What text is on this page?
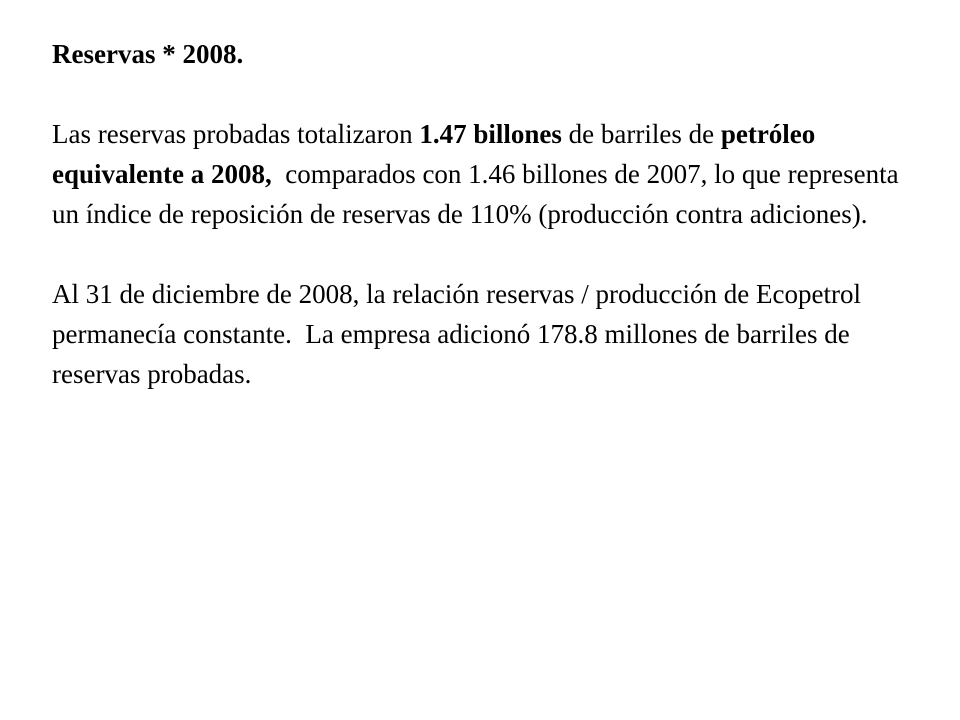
Reservas * 2008.

Las reservas probadas totalizaron 1.47 billones de barriles de petróleo equivalente a 2008,  comparados con 1.46 billones de 2007, lo que representa un índice de reposición de reservas de 110% (producción contra adiciones).

Al 31 de diciembre de 2008, la relación reservas / producción de Ecopetrol permanecía constante.  La empresa adicionó 178.8 millones de barriles de reservas probadas.
